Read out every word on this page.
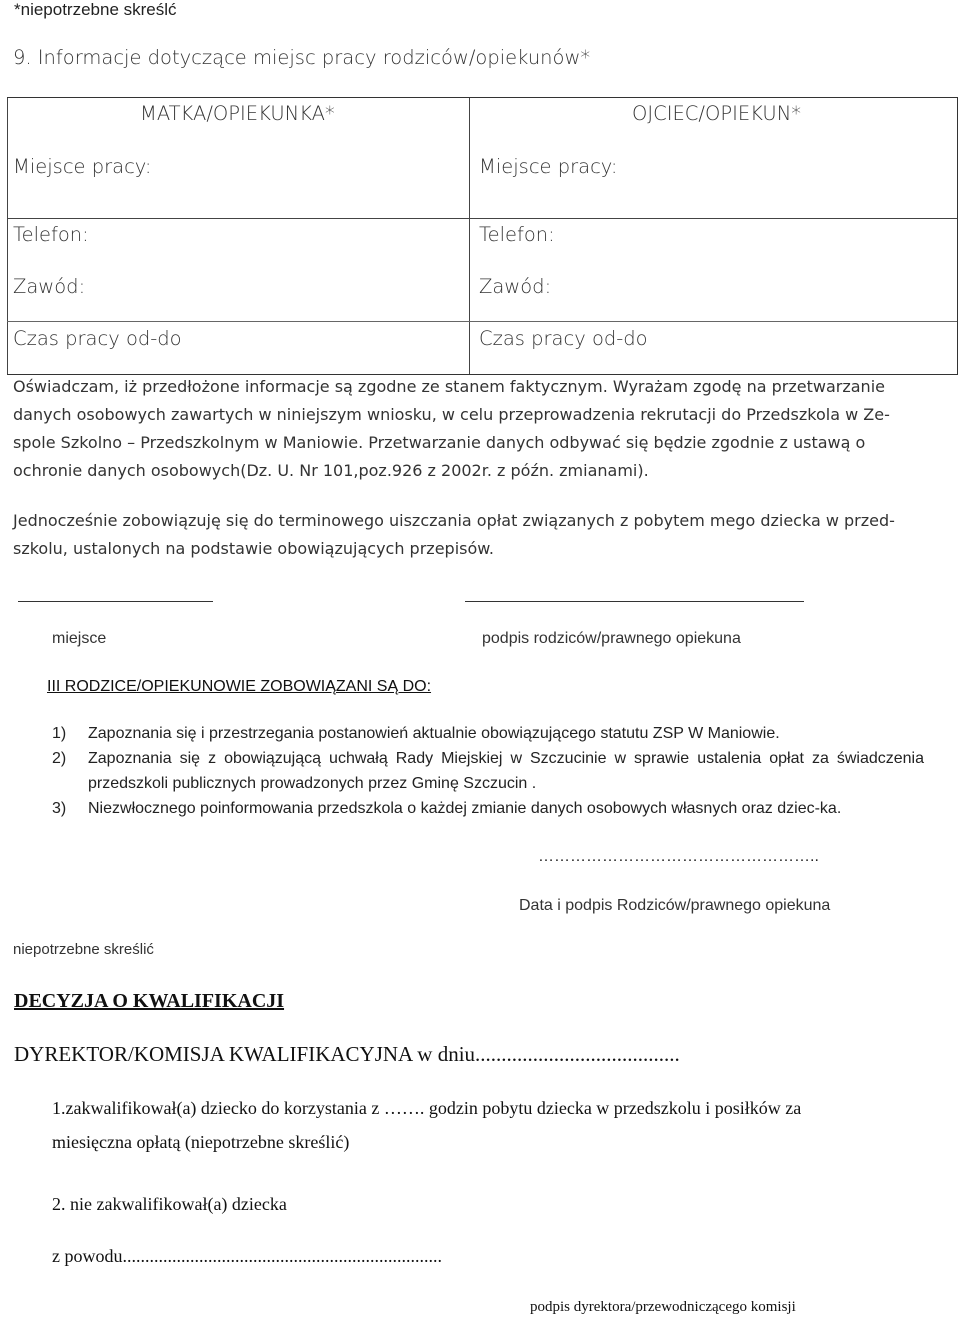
*niepotrzebne skreślć
9. Informacje dotyczące miejsc pracy rodziców/opiekunów*
MATKA/OPIEKUNKA*	OJCIEC/OPIEKUN*
Miejsce pracy:	Miejsce pracy:
Telefon:	Telefon:
Zawód:	Zawód:
Czas pracy od-do	Czas pracy od-do
Oświadczam, iż przedłożone informacje są zgodne ze stanem faktycznym. Wyrażam zgodę na przetwarzanie
danych osobowych zawartych w niniejszym wniosku, w celu przeprowadzenia rekrutacji do Przedszkola w Ze-
spole Szkolno – Przedszkolnym w Maniowie. Przetwarzanie danych odbywać się będzie zgodnie z ustawą o
ochronie danych osobowych(Dz. U. Nr 101,poz.926 z 2002r. z późn. zmianami).
Jednocześnie zobowiązuję się do terminowego uiszczania opłat związanych z pobytem mego dziecka w przed-
szkolu, ustalonych na podstawie obowiązujących przepisów.
miejsce	podpis rodziców/prawnego opiekuna
III RODZICE/OPIEKUNOWIE ZOBOWIĄZANI SĄ DO:
1) Zapoznania się i przestrzegania postanowień aktualnie obowiązującego statutu ZSP W Maniowie.
2) Zapoznania się z obowiązującą uchwałą Rady Miejskiej w Szczucinie w sprawie ustalenia opłat za świadczenia przedszkoli publicznych prowadzonych przez Gminę Szczucin .
3) Niezwłocznego poinformowania przedszkola o każdej zmianie danych osobowych własnych oraz dziec-ka.
……………………………………………..
Data i podpis Rodziców/prawnego opiekuna
niepotrzebne skreślić
DECYZJA O KWALIFIKACJI
DYREKTOR/KOMISJA KWALIFIKACYJNA w dniu.......................................
1.zakwalifikował(a) dziecko do korzystania z ……. godzin pobytu dziecka w przedszkolu i posiłków za
miesięczna opłatą (niepotrzebne skreślić)
2. nie zakwalifikował(a) dziecka
z powodu.......................................................................
podpis dyrektora/przewodniczącego komisji
